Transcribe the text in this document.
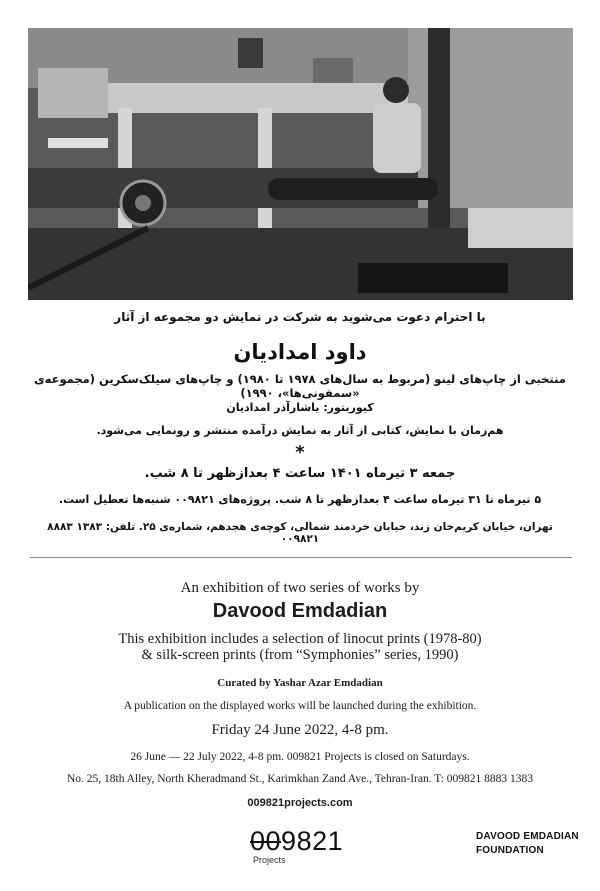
با احترام دعوت می‌شوید به شرکت در نمایش دو مجموعه از آثار
داود امدادیان
منتخبی از چاپ‌های لینو (مربوط به سال‌های ۱۹۷۸ تا ۱۹۸۰) و چاپ‌های سیلک‌سکرین (مجموعه‌ی «سمفونی‌ها»، ۱۹۹۰)
کیوریتور: یاشارآذر امدادیان
هم‌زمان با نمایش، کتابی از آثار به نمایش درآمده منتشر و رونمایی می‌شود.
*
جمعه ۳ تیرماه ۱۴۰۱ ساعت ۴ بعدازظهر تا ۸ شب.
۵ تیرماه تا ۳۱ تیرماه ساعت ۴ بعدازظهر تا ۸ شب. پروژه‌های ۰۰۹۸۲۱ شنبه‌ها تعطیل است.
تهران، خیابان کریم‌خان زند، خیابان خردمند شمالی، کوچه‌ی هجدهم، شماره‌ی ۲۵. تلفن: ۱۳۸۳ ۸۸۸۳ ۰۰۹۸۲۱
An exhibition of two series of works by
Davood Emdadian
This exhibition includes a selection of linocut prints (1978-80)
& silk-screen prints (from “Symphonies” series, 1990)
Curated by Yashar Azar Emdadian
A publication on the displayed works will be launched during the exhibition.
Friday 24 June 2022, 4-8 pm.
26 June — 22 July 2022, 4-8 pm. 009821 Projects is closed on Saturdays.
No. 25, 18th Alley, North Kheradmand St., Karimkhan Zand Ave., Tehran-Iran. T: 009821 8883 1383
009821projects.com
009821
Projects
DAVOOD EMDADIAN
FOUNDATION
